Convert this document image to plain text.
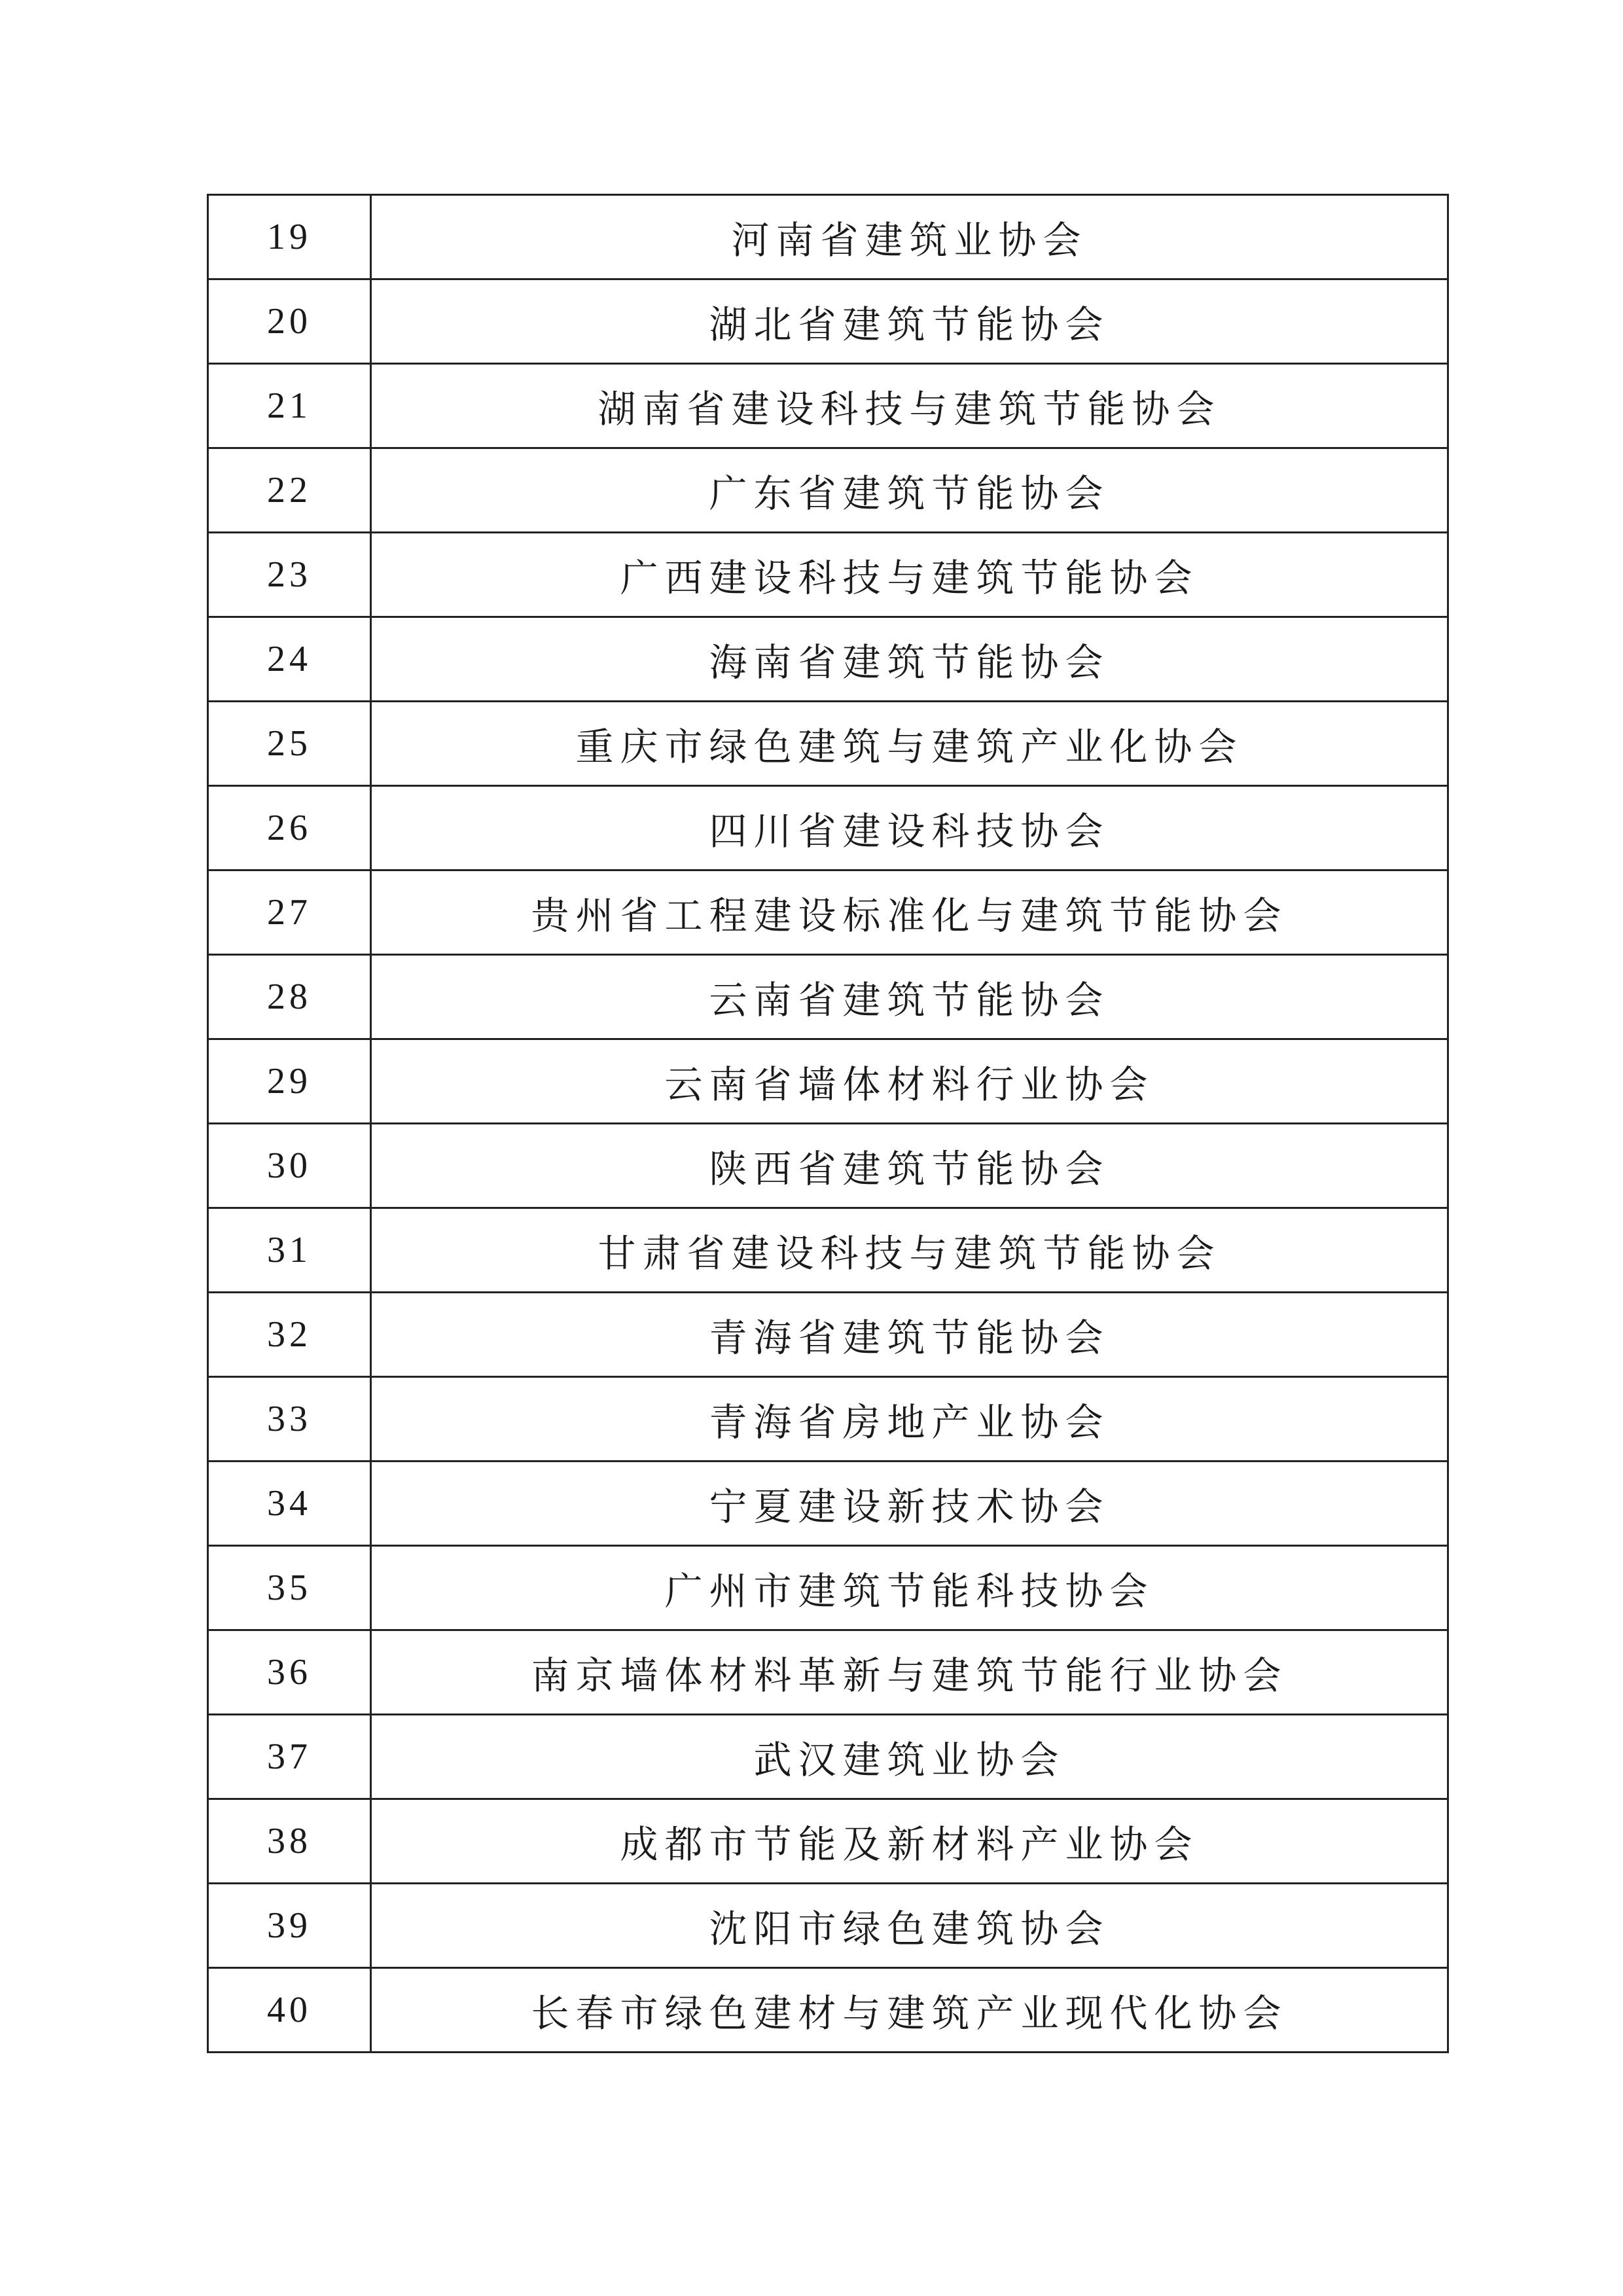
19	河南省建筑业协会
20	湖北省建筑节能协会
21	湖南省建设科技与建筑节能协会
22	广东省建筑节能协会
23	广西建设科技与建筑节能协会
24	海南省建筑节能协会
25	重庆市绿色建筑与建筑产业化协会
26	四川省建设科技协会
27	贵州省工程建设标准化与建筑节能协会
28	云南省建筑节能协会
29	云南省墙体材料行业协会
30	陕西省建筑节能协会
31	甘肃省建设科技与建筑节能协会
32	青海省建筑节能协会
33	青海省房地产业协会
34	宁夏建设新技术协会
35	广州市建筑节能科技协会
36	南京墙体材料革新与建筑节能行业协会
37	武汉建筑业协会
38	成都市节能及新材料产业协会
39	沈阳市绿色建筑协会
40	长春市绿色建材与建筑产业现代化协会
